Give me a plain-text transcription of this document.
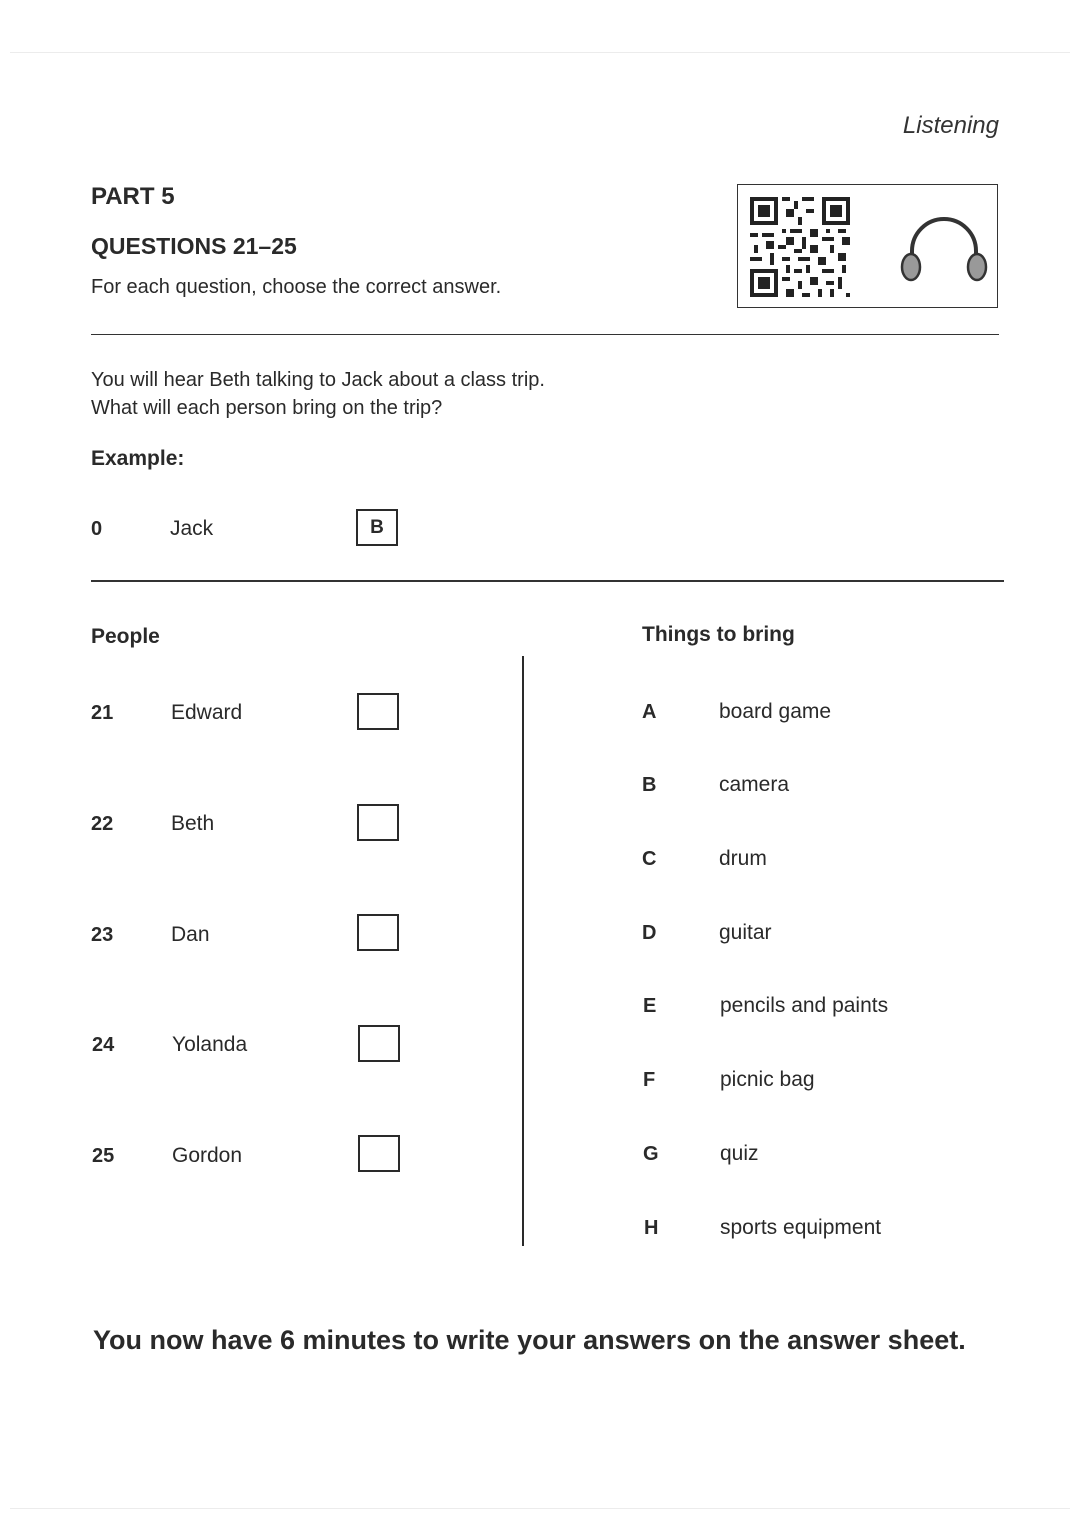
Listening
PART 5
QUESTIONS 21–25
For each question, choose the correct answer.
You will hear Beth talking to Jack about a class trip.
What will each person bring on the trip?
Example:
0	Jack	B
People	Things to bring
21	Edward
22	Beth
23	Dan
24	Yolanda
25	Gordon
A	board game
B	camera
C	drum
D	guitar
E	pencils and paints
F	picnic bag
G	quiz
H	sports equipment
You now have 6 minutes to write your answers on the answer sheet.
